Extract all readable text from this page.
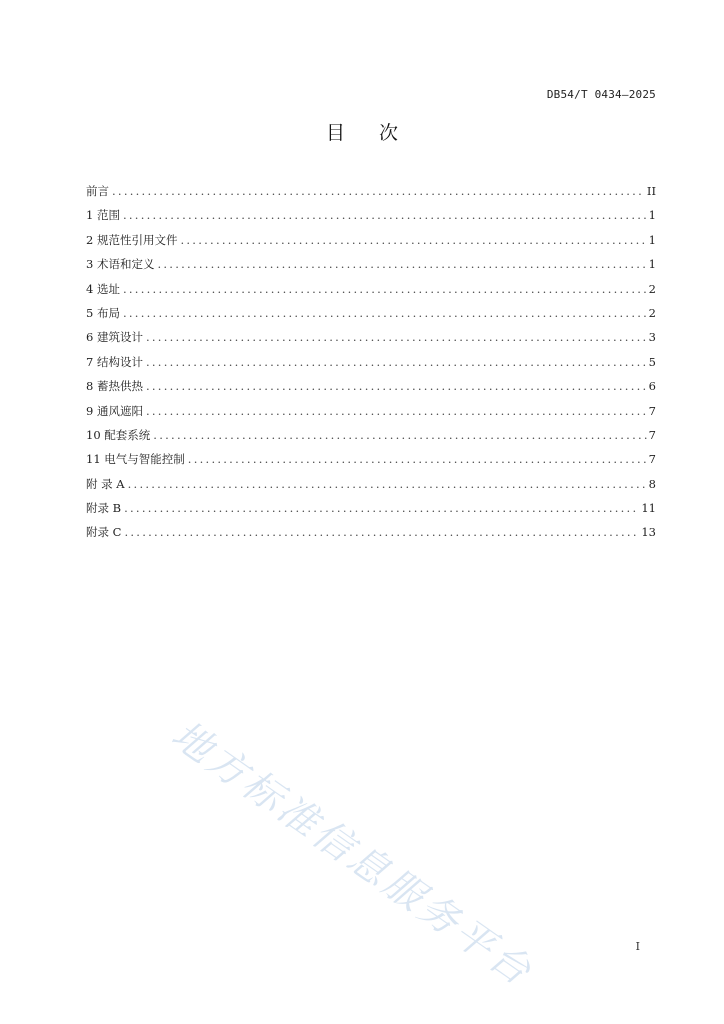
DB54/T 0434—2025
目次
前言 . . .	II
1 范围 . . .	1
2 规范性引用文件 . . .	1
3 术语和定义 . . .	1
4 选址 . . .	2
5 布局 . . .	2
6 建筑设计 . . .	3
7 结构设计 . . .	5
8 蓄热供热 . . .	6
9 通风遮阳 . . .	7
10 配套系统 . . .	7
11 电气与智能控制 . . .	7
附 录 A . . .	8
附录 B . . .	11
附录 C . . .	13
地方标准信息服务平台	I
